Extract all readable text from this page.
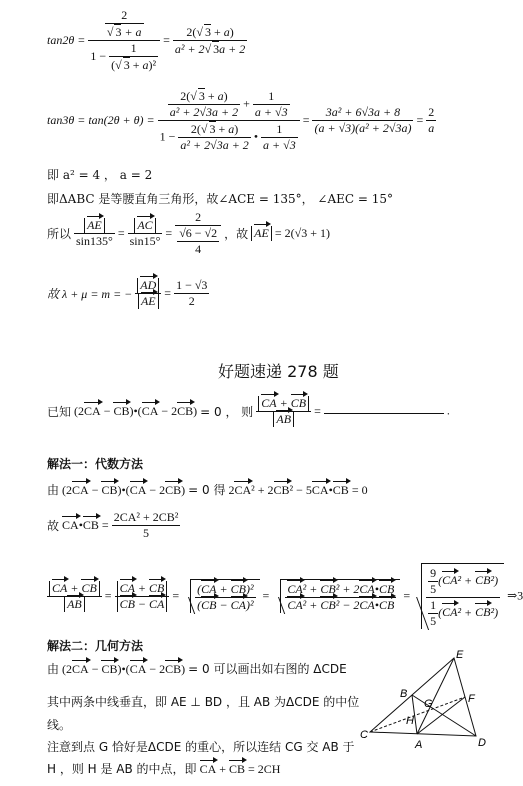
$\tan 2\theta = \frac{\frac{2}{√ 3 + a}}{1 - \frac{1}{\text{(√ 3 + a)²}}} = \frac{2(√ 3 + a)}{\text{a² + 2√ 3a + 2}}$
$\tan 3\theta = \tan(2\theta + \theta) = \frac{\frac{2(√ 3 + a)}{\text{a² + 2√3a + 2}} + \frac{1}{a + √3}}{1 - \frac{2(√ 3 + a)}{\text{a² + 2√3a + 2}} • \frac{1}{a + √3}} = \frac{\text{3a² + 6√3a + 8}}{\text{(a + √3)(a² + 2√3a)}} = \frac{2}{a}$
即 a² = 4 ， a = 2
即ΔABC 是等腰直角三角形，故∠ACE = 135°， ∠AEC = 15°
所以 $\frac{AE}{\sin 135^\circ} = \frac{AC}{\sin 15^\circ} = \frac{2}{\frac{√6 - √2}{4}}$ ，故 AE = 2(√3 + 1)
故 λ + μ = m = − $\frac{AD}{AE} = \frac{1 - √3}{2}$
好题速递 278 题
已知 (2CA − CB)•(CA − 2CB) = 0 ， 则 $\frac{CA + CB}{AB}$ =	.
解法一：代数方法
由 (2CA − CB)•(CA − 2CB) = 0 得 2CA² + 2CB² − 5CA•CB = 0
故 CA•CB = $\frac{\text{2CA² + 2CB²}}{5}$
$\frac{CA + CB}{AB} = \frac{CA + CB}{CB - CA} = \frac{\text{(CA + CB)²}}{\text{(CB − CA)²}} = \frac{\text{CA² + CB² + 2CA•CB}}{\text{CA² + CB² − 2CA•CB}} = \frac{\frac{9}{5} (CA^2 + CB^2)}{\frac{1}{5} (CA^2 + CB^2)}$ ⇒3
解法二：几何方法
由 (2CA − CB)•(CA − 2CB) = 0 可以画出如右图的 ΔCDE
其中两条中线垂直，即 AE ⊥ BD ，且 AB 为ΔCDE 的中位
线。
注意到点 G 恰好是ΔCDE 的重心，所以连结 CG 交 AB 于
H ，则 H 是 AB 的中点，即 CA + CB = 2CH
E
B
G	F
H
C
A	D
